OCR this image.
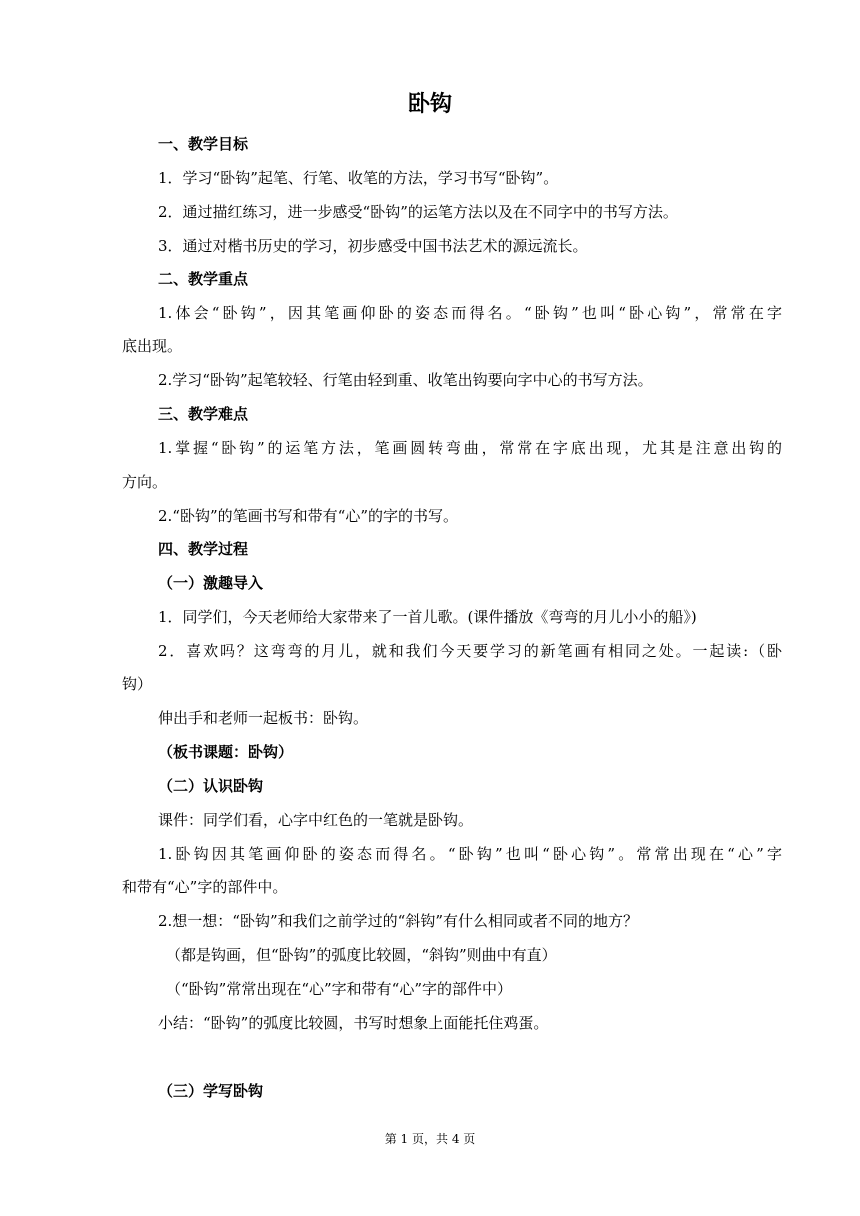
卧钩
一、教学目标
1．学习“卧钩”起笔、行笔、收笔的方法，学习书写“卧钩”。
2．通过描红练习，进一步感受“卧钩”的运笔方法以及在不同字中的书写方法。
3．通过对楷书历史的学习，初步感受中国书法艺术的源远流长。
二、教学重点
1.体会“卧钩”，因其笔画仰卧的姿态而得名。“卧钩”也叫“卧心钩”，常常在字
底出现。
2.学习“卧钩”起笔较轻、行笔由轻到重、收笔出钩要向字中心的书写方法。
三、教学难点
1.掌握“卧钩”的运笔方法，笔画圆转弯曲，常常在字底出现，尤其是注意出钩的
方向。
2.“卧钩”的笔画书写和带有“心”的字的书写。
四、教学过程
（一）激趣导入
1．同学们，今天老师给大家带来了一首儿歌。(课件播放《弯弯的月儿小小的船》)
2．喜欢吗？这弯弯的月儿，就和我们今天要学习的新笔画有相同之处。一起读:（卧
钩）
伸出手和老师一起板书：卧钩。
（板书课题：卧钩）
（二）认识卧钩
课件：同学们看，心字中红色的一笔就是卧钩。
1.卧钩因其笔画仰卧的姿态而得名。“卧钩”也叫“卧心钩”。常常出现在“心”字
和带有“心”字的部件中。
2.想一想：“卧钩”和我们之前学过的“斜钩”有什么相同或者不同的地方？
（都是钩画，但“卧钩”的弧度比较圆，“斜钩”则曲中有直）
（“卧钩”常常出现在“心”字和带有“心”字的部件中）
小结：“卧钩”的弧度比较圆，书写时想象上面能托住鸡蛋。
（三）学写卧钩
第 1 页，共 4 页
